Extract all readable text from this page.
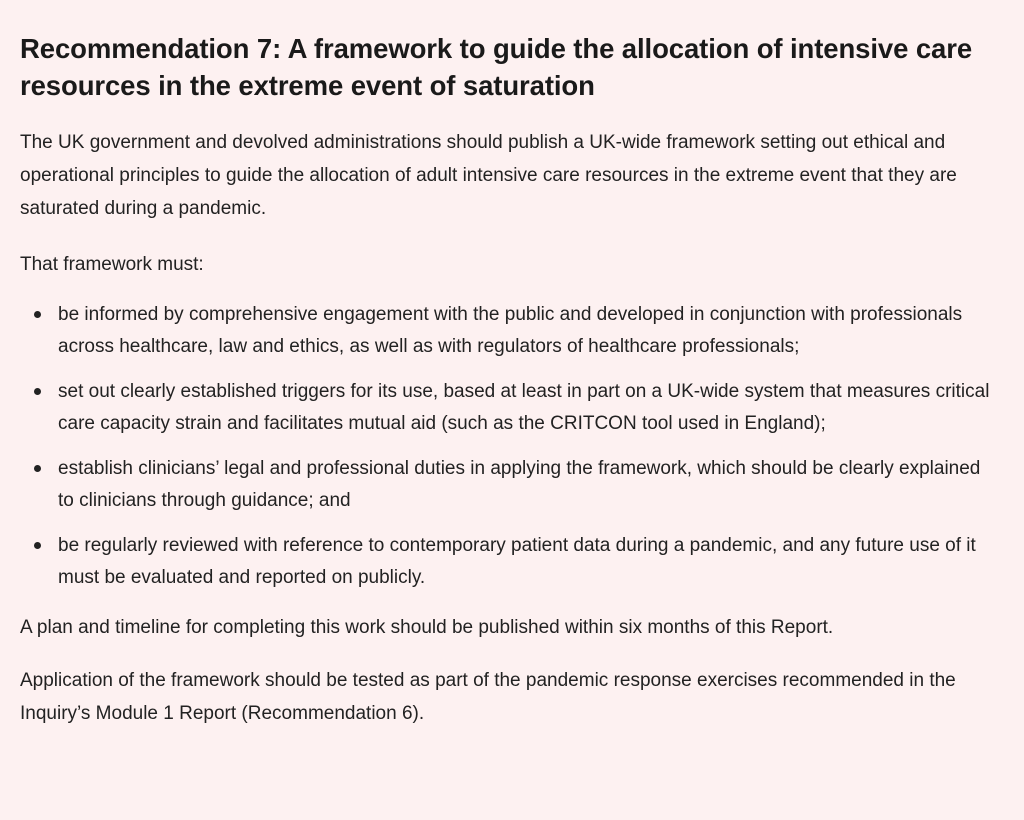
Recommendation 7: A framework to guide the allocation of intensive care resources in the extreme event of saturation

The UK government and devolved administrations should publish a UK-wide framework setting out ethical and operational principles to guide the allocation of adult intensive care resources in the extreme event that they are saturated during a pandemic.

That framework must:

be informed by comprehensive engagement with the public and developed in conjunction with professionals across healthcare, law and ethics, as well as with regulators of healthcare professionals;
set out clearly established triggers for its use, based at least in part on a UK-wide system that measures critical care capacity strain and facilitates mutual aid (such as the CRITCON tool used in England);
establish clinicians’ legal and professional duties in applying the framework, which should be clearly explained to clinicians through guidance; and
be regularly reviewed with reference to contemporary patient data during a pandemic, and any future use of it must be evaluated and reported on publicly.

A plan and timeline for completing this work should be published within six months of this Report.

Application of the framework should be tested as part of the pandemic response exercises recommended in the Inquiry’s Module 1 Report (Recommendation 6).
